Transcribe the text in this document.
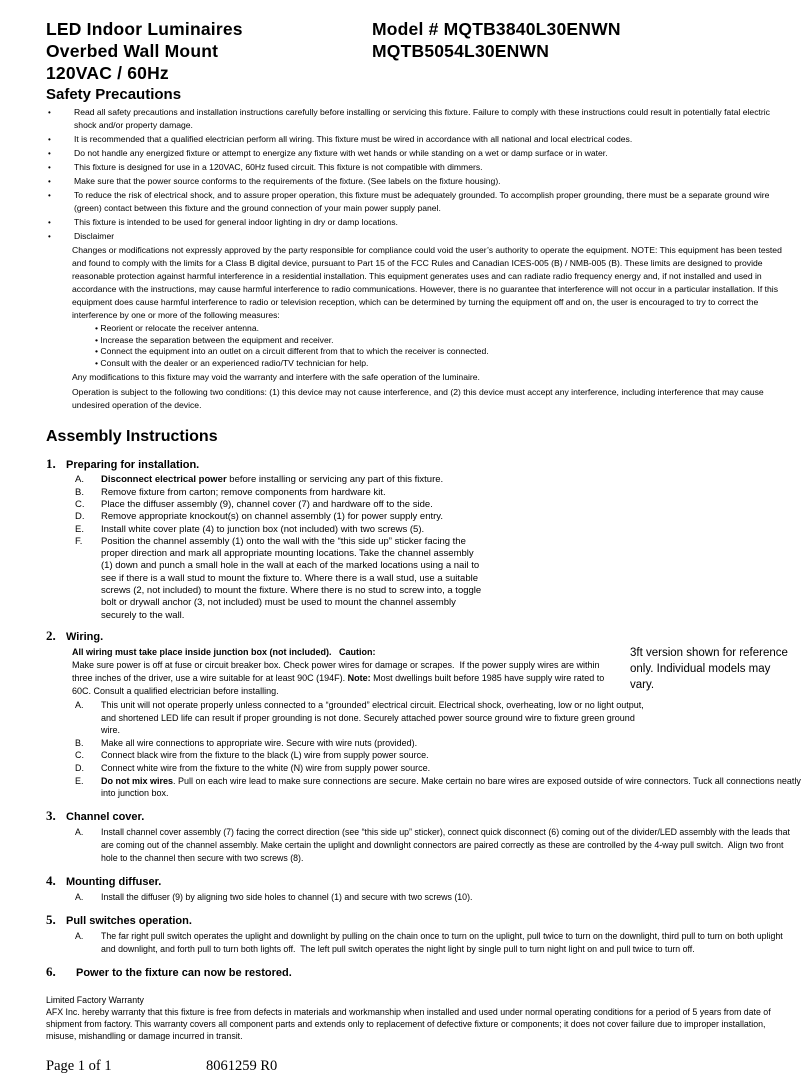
LED Indoor Luminaires
Overbed Wall Mount
120VAC / 60Hz
Model # MQTB3840L30ENWN
MQTB5054L30ENWN
Safety Precautions
•	Read all safety precautions and installation instructions carefully before installing or servicing this fixture. Failure to comply with these instructions could result in potentially fatal electric shock and/or property damage.
•	It is recommended that a qualified electrician perform all wiring. This fixture must be wired in accordance with all national and local electrical codes.
•	Do not handle any energized fixture or attempt to energize any fixture with wet hands or while standing on a wet or damp surface or in water.
•	This fixture is designed for use in a 120VAC, 60Hz fused circuit. This fixture is not compatible with dimmers.
•	Make sure that the power source conforms to the requirements of the fixture. (See labels on the fixture housing).
•	To reduce the risk of electrical shock, and to assure proper operation, this fixture must be adequately grounded. To accomplish proper grounding, there must be a separate ground wire (green) contact between this fixture and the ground connection of your main power supply panel.
•	This fixture is intended to be used for general indoor lighting in dry or damp locations.
•	Disclaimer
Changes or modifications not expressly approved by the party responsible for compliance could void the user’s authority to operate the equipment. NOTE: This equipment has been tested and found to comply with the limits for a Class B digital device, pursuant to Part 15 of the FCC Rules and Canadian ICES-005 (B) / NMB-005 (B). These limits are designed to provide reasonable protection against harmful interference in a residential installation. This equipment generates uses and can radiate radio frequency energy and, if not installed and used in accordance with the instructions, may cause harmful interference to radio communications. However, there is no guarantee that interference will not occur in a particular installation. If this equipment does cause harmful interference to radio or television reception, which can be determined by turning the equipment off and on, the user is encouraged to try to correct the interference by one or more of the following measures:
• Reorient or relocate the receiver antenna.
• Increase the separation between the equipment and receiver.
• Connect the equipment into an outlet on a circuit different from that to which the receiver is connected.
• Consult with the dealer or an experienced radio/TV technician for help.
Any modifications to this fixture may void the warranty and interfere with the safe operation of the luminaire.
Operation is subject to the following two conditions: (1) this device may not cause interference, and (2) this device must accept any interference, including interference that may cause undesired operation of the device.
Assembly Instructions
1. Preparing for installation.
A.	Disconnect electrical power before installing or servicing any part of this fixture.
B.	Remove fixture from carton; remove components from hardware kit.
C.	Place the diffuser assembly (9), channel cover (7) and hardware off to the side.
D.	Remove appropriate knockout(s) on channel assembly (1) for power supply entry.
E.	Install white cover plate (4) to junction box (not included) with two screws (5).
F.	Position the channel assembly (1) onto the wall with the “this side up” sticker facing the proper direction and mark all appropriate mounting locations. Take the channel assembly (1) down and punch a small hole in the wall at each of the marked locations using a nail to see if there is a wall stud to mount the fixture to. Where there is a wall stud, use a suitable screws (2, not included) to mount the fixture. Where there is no stud to screw into, a toggle bolt or drywall anchor (3, not included) must be used to mount the channel assembly securely to the wall.
2. Wiring.
All wiring must take place inside junction box (not included).   Caution:
Make sure power is off at fuse or circuit breaker box. Check power wires for damage or scrapes.  If the power supply wires are within three inches of the driver, use a wire suitable for at least 90C (194F). Note: Most dwellings built before 1985 have supply wire rated to 60C. Consult a qualified electrician before installing.
A.	This unit will not operate properly unless connected to a “grounded” electrical circuit. Electrical shock, overheating, low or no light output, and shortened LED life can result if proper grounding is not done. Securely attached power source ground wire to fixture green ground wire.
B.	Make all wire connections to appropriate wire. Secure with wire nuts (provided).
C.	Connect black wire from the fixture to the black (L) wire from supply power source.
D.	Connect white wire from the fixture to the white (N) wire from supply power source.
E.	Do not mix wires. Pull on each wire lead to make sure connections are secure. Make certain no bare wires are exposed outside of wire connectors. Tuck all connections neatly into junction box.
3. Channel cover.
A.	Install channel cover assembly (7) facing the correct direction (see “this side up” sticker), connect quick disconnect (6) coming out of the divider/LED assembly with the leads that are coming out of the channel assembly. Make certain the uplight and downlight connectors are paired correctly as these are controlled by the 4-way pull switch.  Align two front hole to the channel then secure with two screws (8).
4. Mounting diffuser.
A.	Install the diffuser (9) by aligning two side holes to channel (1) and secure with two screws (10).
5. Pull switches operation.
A.	The far right pull switch operates the uplight and downlight by pulling on the chain once to turn on the uplight, pull twice to turn on the downlight, third pull to turn on both uplight and downlight, and forth pull to turn both lights off.  The left pull switch operates the night light by single pull to turn night light on and pull twice to turn off.
6.	Power to the fixture can now be restored.
3ft version shown for reference only. Individual models may vary.
Limited Factory Warranty
AFX Inc. hereby warranty that this fixture is free from defects in materials and workmanship when installed and used under normal operating conditions for a period of 5 years from date of shipment from factory. This warranty covers all component parts and extends only to replacement of defective fixture or components; it does not cover failure due to improper installation, misuse, mishandling or damage incurred in transit.
Page 1 of 1	8061259 R0
